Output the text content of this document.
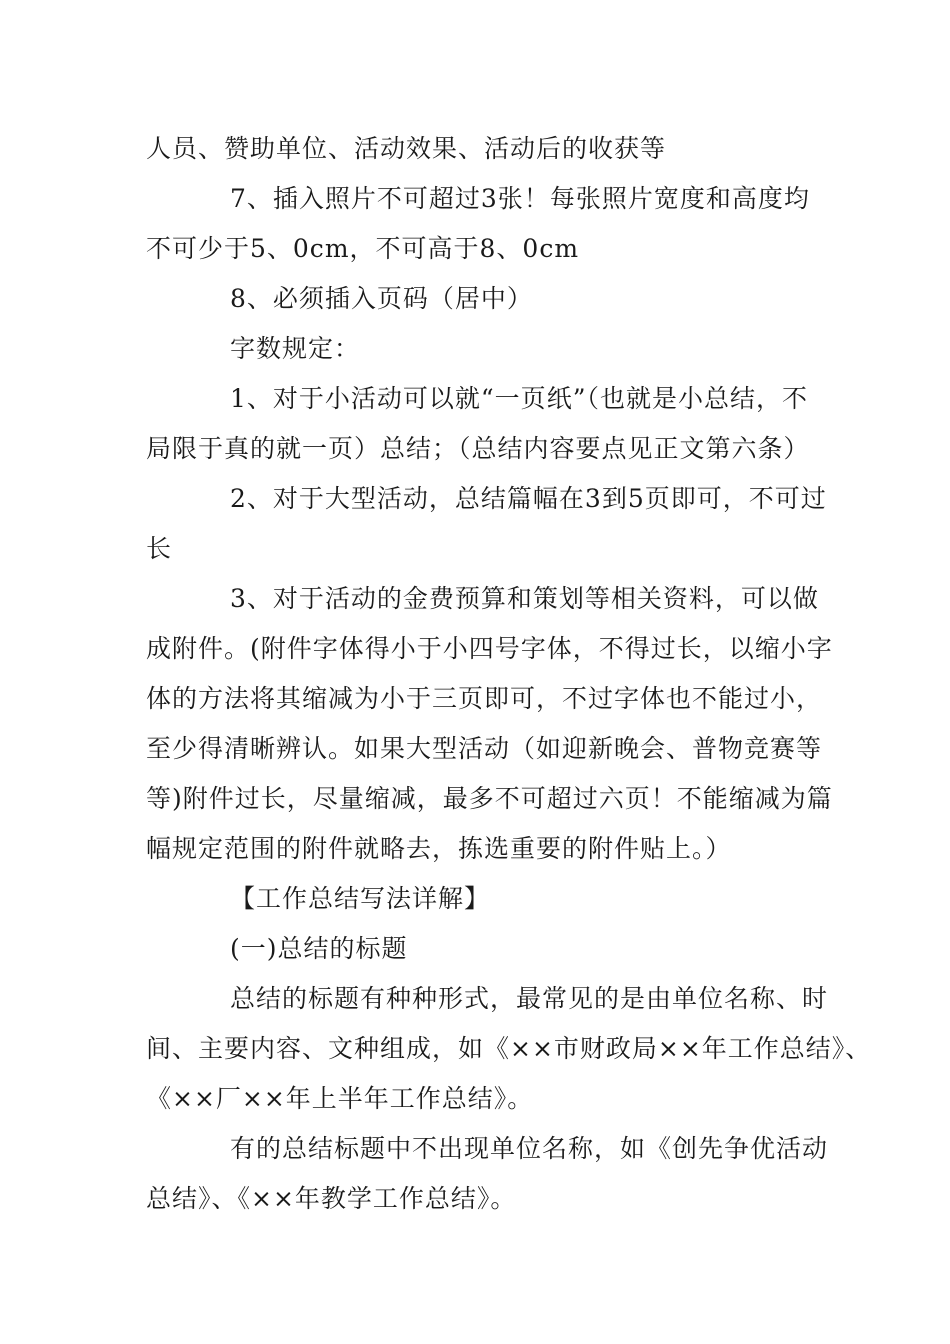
人员、赞助单位、活动效果、活动后的收获等
7、插入照片不可超过3张！每张照片宽度和高度均
不可少于5、0cm，不可高于8、0cm
8、必须插入页码（居中）
字数规定：
1、对于小活动可以就“一页纸”（也就是小总结，不
局限于真的就一页）总结；（总结内容要点见正文第六条）
2、对于大型活动，总结篇幅在3到5页即可，不可过
长
3、对于活动的金费预算和策划等相关资料，可以做
成附件。(附件字体得小于小四号字体，不得过长，以缩小字
体的方法将其缩减为小于三页即可，不过字体也不能过小，
至少得清晰辨认。如果大型活动（如迎新晚会、普物竞赛等
等)附件过长，尽量缩减，最多不可超过六页！不能缩减为篇
幅规定范围的附件就略去，拣选重要的附件贴上。）
【工作总结写法详解】
(一)总结的标题
总结的标题有种种形式，最常见的是由单位名称、时
间、主要内容、文种组成，如《××市财政局××年工作总结》、
《××厂××年上半年工作总结》。
有的总结标题中不出现单位名称，如《创先争优活动
总结》、《××年教学工作总结》。
